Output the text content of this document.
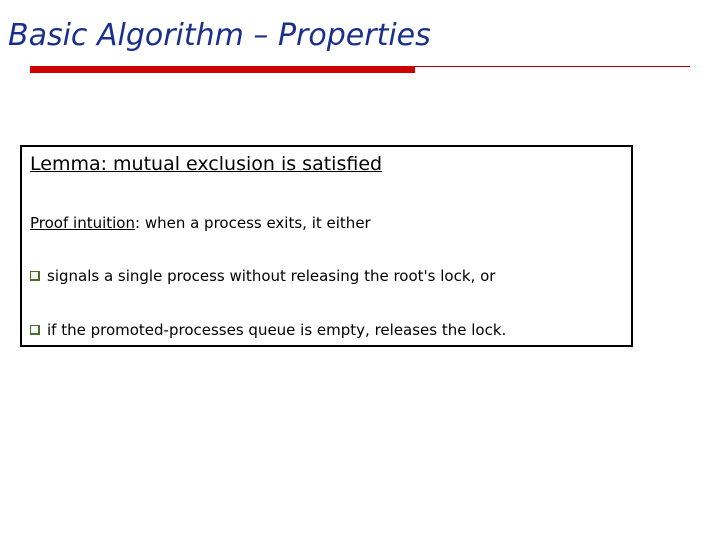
Basic Algorithm – Properties
Lemma: mutual exclusion is satisfied
Proof intuition: when a process exits, it either
signals a single process without releasing the root's lock, or
if the promoted-processes queue is empty, releases the lock.
